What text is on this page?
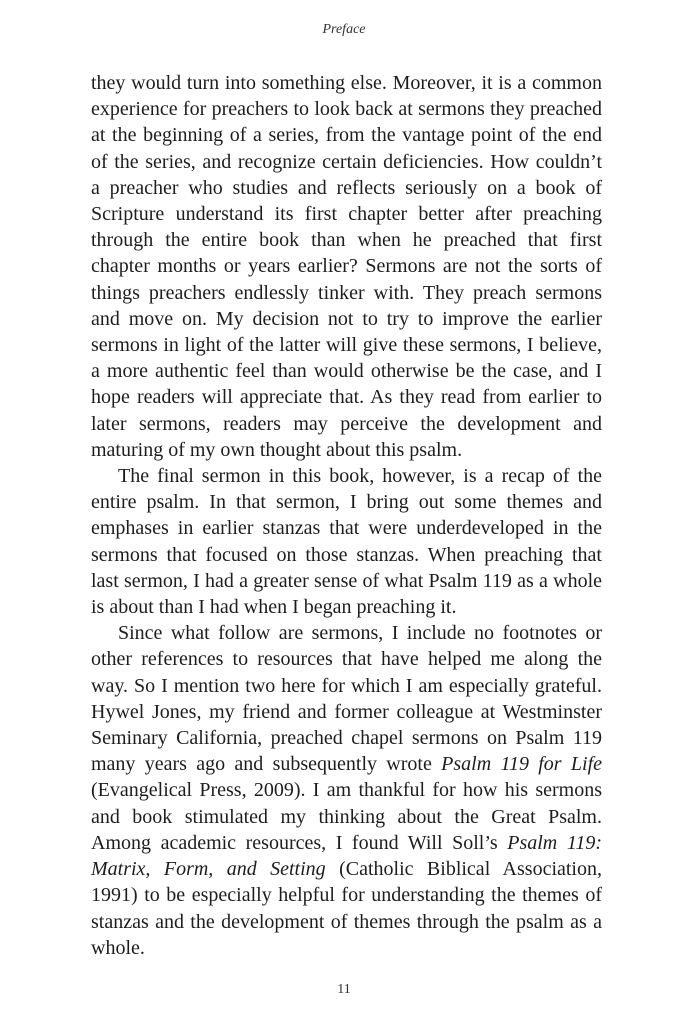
Preface

they would turn into something else. Moreover, it is a common experience for preachers to look back at sermons they preached at the beginning of a series, from the vantage point of the end of the series, and recognize certain deficiencies. How couldn’t a preacher who studies and reflects seriously on a book of Scripture understand its first chapter better after preaching through the entire book than when he preached that first chapter months or years earlier? Sermons are not the sorts of things preachers endlessly tinker with. They preach sermons and move on. My decision not to try to improve the earlier sermons in light of the latter will give these sermons, I believe, a more authentic feel than would otherwise be the case, and I hope readers will appreciate that. As they read from earlier to later sermons, readers may perceive the development and maturing of my own thought about this psalm.

The final sermon in this book, however, is a recap of the entire psalm. In that sermon, I bring out some themes and emphases in earlier stanzas that were underdeveloped in the sermons that focused on those stanzas. When preaching that last sermon, I had a greater sense of what Psalm 119 as a whole is about than I had when I began preaching it.

Since what follow are sermons, I include no footnotes or other references to resources that have helped me along the way. So I mention two here for which I am especially grateful. Hywel Jones, my friend and former colleague at Westminster Seminary California, preached chapel sermons on Psalm 119 many years ago and subsequently wrote Psalm 119 for Life (Evangelical Press, 2009). I am thankful for how his sermons and book stimulated my thinking about the Great Psalm. Among academic resources, I found Will Soll’s Psalm 119: Matrix, Form, and Setting (Catholic Biblical Association, 1991) to be especially helpful for understanding the themes of stanzas and the development of themes through the psalm as a whole.

11
